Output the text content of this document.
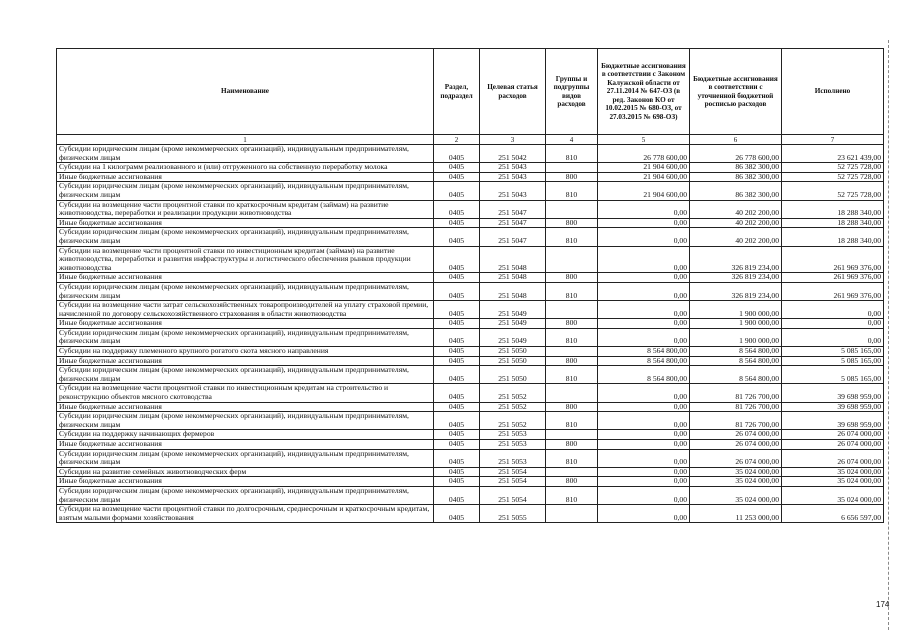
Наименование	Раздел, подраздел	Целевая статья расходов	Группы и подгруппы видов расходов	Бюджетные ассигнования в соответствии с Законом Калужской области от 27.11.2014 № 647-ОЗ (в ред. Законов КО от 10.02.2015 № 680-ОЗ, от 27.03.2015 № 698-ОЗ)	Бюджетные ассигнования в соответствии с уточненной бюджетной росписью расходов	Исполнено
1	2	3	4	5	6	7
Субсидии юридическим лицам (кроме некоммерческих организаций), индивидуальным предпринимателям, физическим лицам	0405	251 5042	810	26 778 600,00	26 778 600,00	23 621 439,00
Субсидии на 1 килограмм реализованного и (или) отгруженного на собственную переработку молока	0405	251 5043		21 904 600,00	86 382 300,00	52 725 728,00
Иные бюджетные ассигнования	0405	251 5043	800	21 904 600,00	86 382 300,00	52 725 728,00
Субсидии юридическим лицам (кроме некоммерческих организаций), индивидуальным предпринимателям, физическим лицам	0405	251 5043	810	21 904 600,00	86 382 300,00	52 725 728,00
Субсидии на возмещение части процентной ставки по краткосрочным кредитам (займам) на развитие животноводства, переработки и реализации продукции животноводства	0405	251 5047		0,00	40 202 200,00	18 288 340,00
Иные бюджетные ассигнования	0405	251 5047	800	0,00	40 202 200,00	18 288 340,00
Субсидии юридическим лицам (кроме некоммерческих организаций), индивидуальным предпринимателям, физическим лицам	0405	251 5047	810	0,00	40 202 200,00	18 288 340,00
Субсидии на возмещение части процентной ставки по инвестиционным кредитам (займам) на развитие животноводства, переработки и развития инфраструктуры и логистического обеспечения рынков продукции животноводства	0405	251 5048		0,00	326 819 234,00	261 969 376,00
Иные бюджетные ассигнования	0405	251 5048	800	0,00	326 819 234,00	261 969 376,00
Субсидии юридическим лицам (кроме некоммерческих организаций), индивидуальным предпринимателям, физическим лицам	0405	251 5048	810	0,00	326 819 234,00	261 969 376,00
Субсидии на возмещение части затрат сельскохозяйственных товаропроизводителей на уплату страховой премии, начисленной по договору сельскохозяйственного страхования в области животноводства	0405	251 5049		0,00	1 900 000,00	0,00
Иные бюджетные ассигнования	0405	251 5049	800	0,00	1 900 000,00	0,00
Субсидии юридическим лицам (кроме некоммерческих организаций), индивидуальным предпринимателям, физическим лицам	0405	251 5049	810	0,00	1 900 000,00	0,00
Субсидии на поддержку племенного крупного рогатого скота мясного направления	0405	251 5050		8 564 800,00	8 564 800,00	5 085 165,00
Иные бюджетные ассигнования	0405	251 5050	800	8 564 800,00	8 564 800,00	5 085 165,00
Субсидии юридическим лицам (кроме некоммерческих организаций), индивидуальным предпринимателям, физическим лицам	0405	251 5050	810	8 564 800,00	8 564 800,00	5 085 165,00
Субсидии на возмещение части процентной ставки по инвестиционным кредитам на строительство и реконструкцию объектов мясного скотоводства	0405	251 5052		0,00	81 726 700,00	39 698 959,00
Иные бюджетные ассигнования	0405	251 5052	800	0,00	81 726 700,00	39 698 959,00
Субсидии юридическим лицам (кроме некоммерческих организаций), индивидуальным предпринимателям, физическим лицам	0405	251 5052	810	0,00	81 726 700,00	39 698 959,00
Субсидии на поддержку начинающих фермеров	0405	251 5053		0,00	26 074 000,00	26 074 000,00
Иные бюджетные ассигнования	0405	251 5053	800	0,00	26 074 000,00	26 074 000,00
Субсидии юридическим лицам (кроме некоммерческих организаций), индивидуальным предпринимателям, физическим лицам	0405	251 5053	810	0,00	26 074 000,00	26 074 000,00
Субсидии на развитие семейных животноводческих ферм	0405	251 5054		0,00	35 024 000,00	35 024 000,00
Иные бюджетные ассигнования	0405	251 5054	800	0,00	35 024 000,00	35 024 000,00
Субсидии юридическим лицам (кроме некоммерческих организаций), индивидуальным предпринимателям, физическим лицам	0405	251 5054	810	0,00	35 024 000,00	35 024 000,00
Субсидии на возмещение части процентной ставки по долгосрочным, среднесрочным и краткосрочным кредитам, взятым малыми формами хозяйствования	0405	251 5055		0,00	11 253 000,00	6 656 597,00
174
